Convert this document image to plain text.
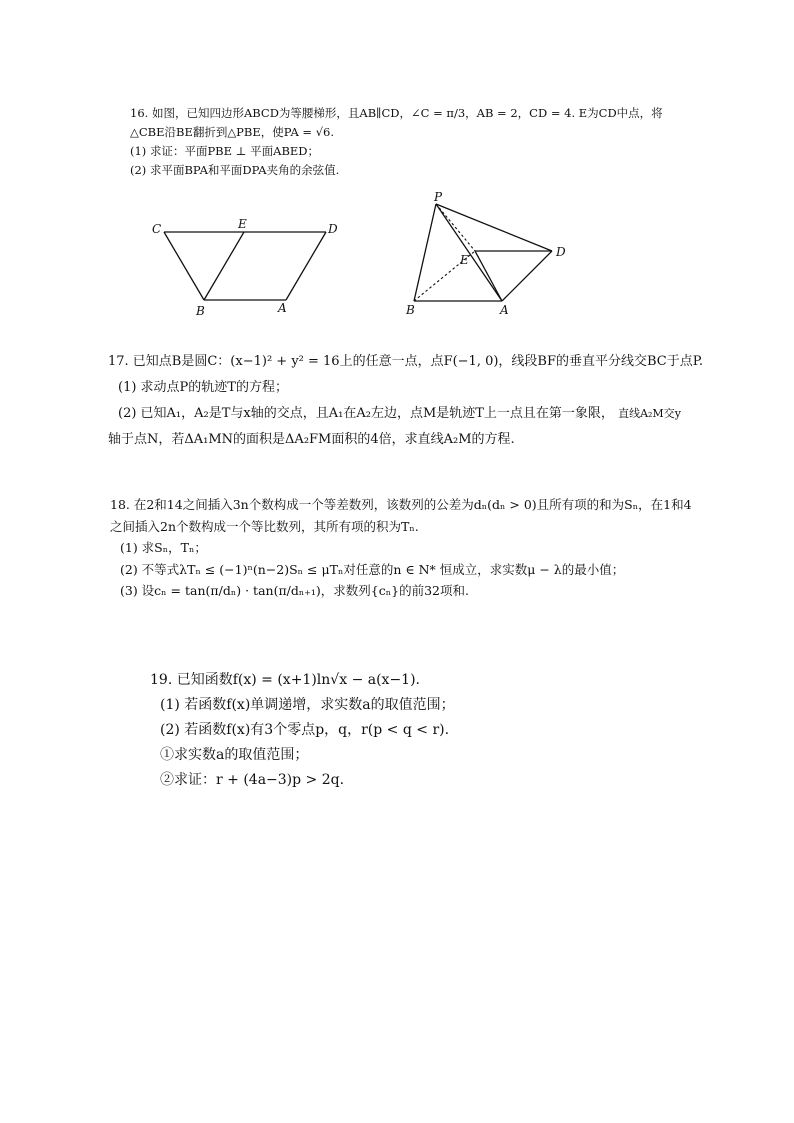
16. 如图，已知四边形ABCD为等腰梯形，且AB∥CD，∠C = π/3，AB = 2，CD = 4. E为CD中点，将
△CBE沿BE翻折到△PBE，使PA = √6.
(1) 求证：平面PBE ⊥ 平面ABED；
(2) 求平面BPA和平面DPA夹角的余弦值.
C	E	D
B	A
P
E
D
B	A
17. 已知点B是圆C：(x−1)² + y² = 16上的任意一点，点F(−1, 0)，线段BF的垂直平分线交BC于点P.
(1) 求动点P的轨迹T的方程；
(2) 已知A₁，A₂是T与x轴的交点，且A₁在A₂左边，点M是轨迹T上一点且在第一象限， 直线A₂M交y
轴于点N，若ΔA₁MN的面积是ΔA₂FM面积的4倍，求直线A₂M的方程.
18. 在2和14之间插入3n个数构成一个等差数列，该数列的公差为dₙ(dₙ > 0)且所有项的和为Sₙ，在1和4
之间插入2n个数构成一个等比数列，其所有项的积为Tₙ.
(1) 求Sₙ，Tₙ；
(2) 不等式λTₙ ≤ (−1)ⁿ(n−2)Sₙ ≤ μTₙ对任意的n ∈ N* 恒成立，求实数μ − λ的最小值；
(3) 设cₙ = tan(π/dₙ) · tan(π/dₙ₊₁)，求数列{cₙ}的前32项和.
19. 已知函数f(x) = (x+1)ln√x − a(x−1).
(1) 若函数f(x)单调递增，求实数a的取值范围；
(2) 若函数f(x)有3个零点p，q，r(p < q < r).
①求实数a的取值范围；
②求证：r + (4a−3)p > 2q.
